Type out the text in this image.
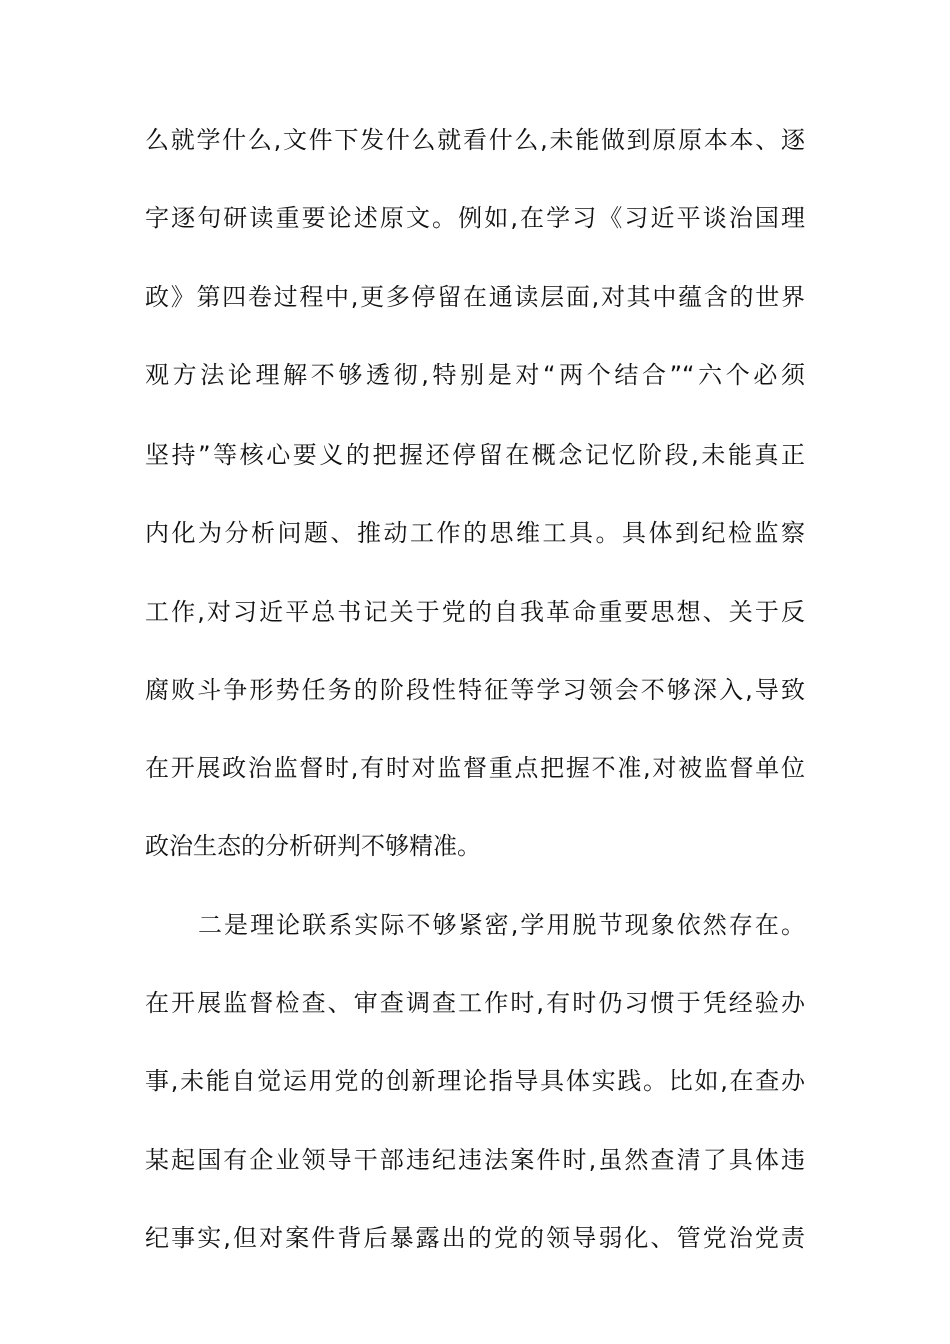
么就学什么,文件下发什么就看什么,未能做到原原本本、逐
字逐句研读重要论述原文。例如,在学习《习近平谈治国理
政》第四卷过程中,更多停留在通读层面,对其中蕴含的世界
观方法论理解不够透彻,特别是对“两个结合”“六个必须
坚持”等核心要义的把握还停留在概念记忆阶段,未能真正
内化为分析问题、推动工作的思维工具。具体到纪检监察
工作,对习近平总书记关于党的自我革命重要思想、关于反
腐败斗争形势任务的阶段性特征等学习领会不够深入,导致
在开展政治监督时,有时对监督重点把握不准,对被监督单位
政治生态的分析研判不够精准。
二是理论联系实际不够紧密,学用脱节现象依然存在。
在开展监督检查、审查调查工作时,有时仍习惯于凭经验办
事,未能自觉运用党的创新理论指导具体实践。比如,在查办
某起国有企业领导干部违纪违法案件时,虽然查清了具体违
纪事实,但对案件背后暴露出的党的领导弱化、管党治党责
